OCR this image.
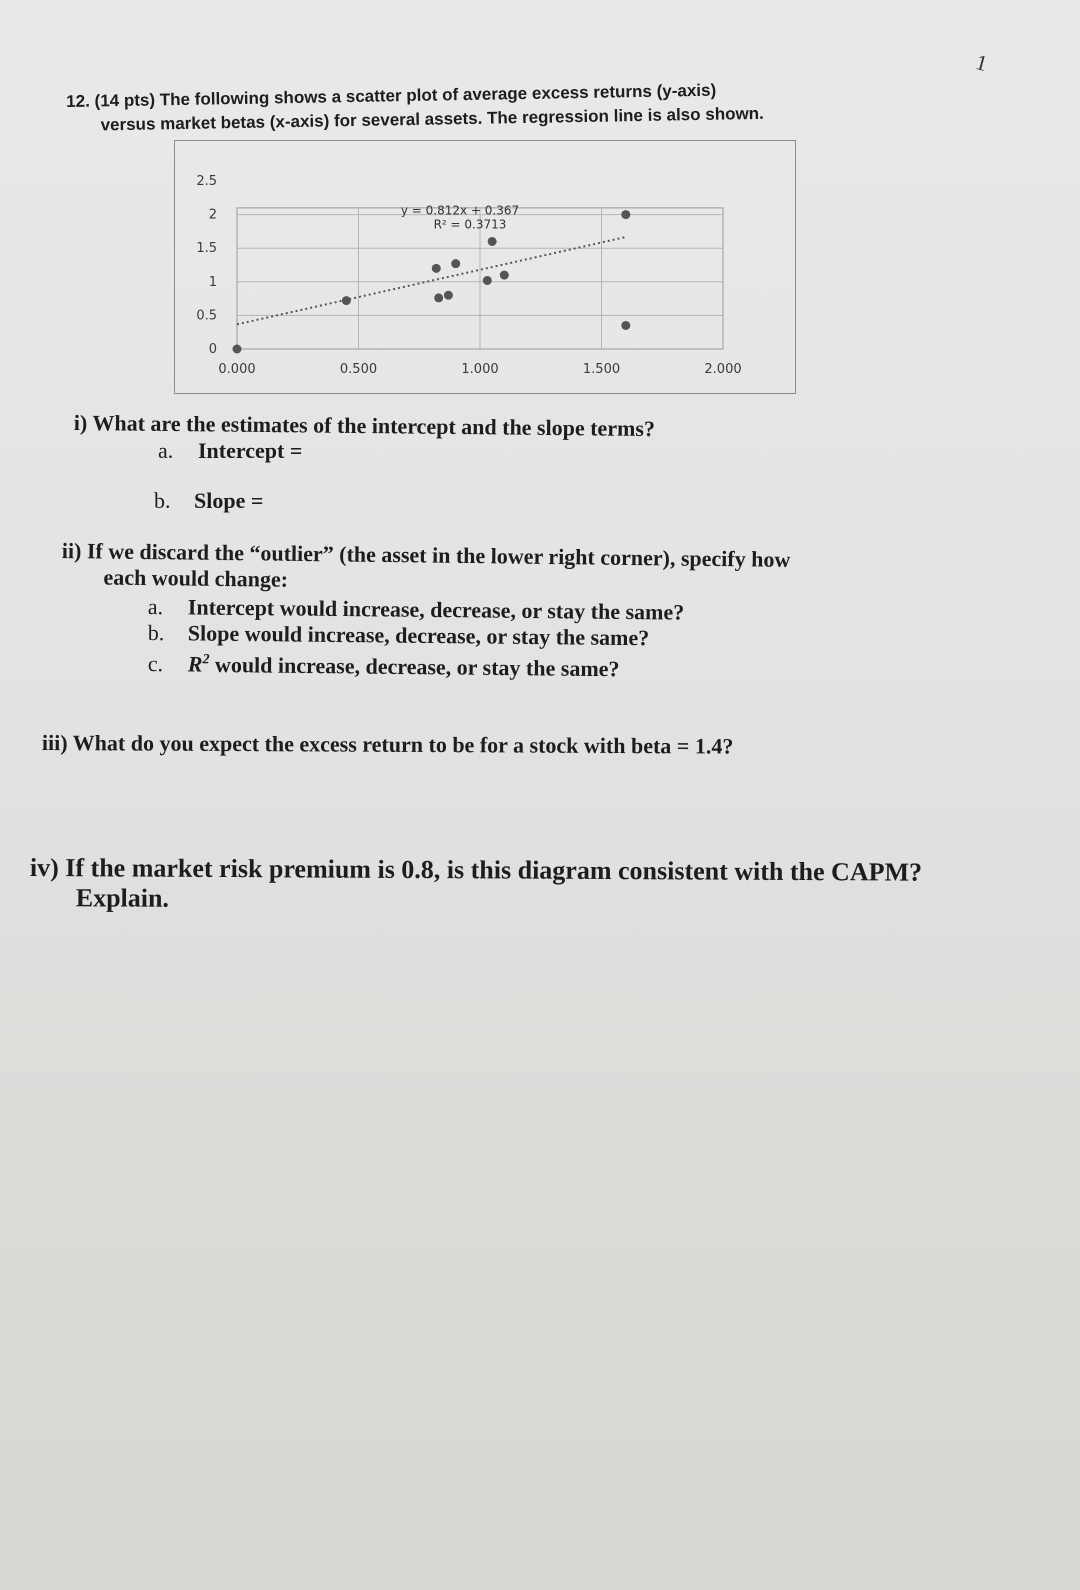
12. (14 pts) The following shows a scatter plot of average excess returns (y-axis)
versus market betas (x-axis) for several assets. The regression line is also shown.
0
0.5
1
1.5
2
2.5
0.000	0.500	1.000	1.500	2.000
y = 0.812x + 0.367
R² = 0.3713
i) What are the estimates of the intercept and the slope terms?
a. Intercept =
b. Slope =
ii) If we discard the “outlier” (the asset in the lower right corner), specify how
each would change:
a. Intercept would increase, decrease, or stay the same?
b. Slope would increase, decrease, or stay the same?
c. $R^2$ would increase, decrease, or stay the same?
iii) What do you expect the excess return to be for a stock with beta = 1.4?
iv) If the market risk premium is 0.8, is this diagram consistent with the CAPM?
Explain.
1
